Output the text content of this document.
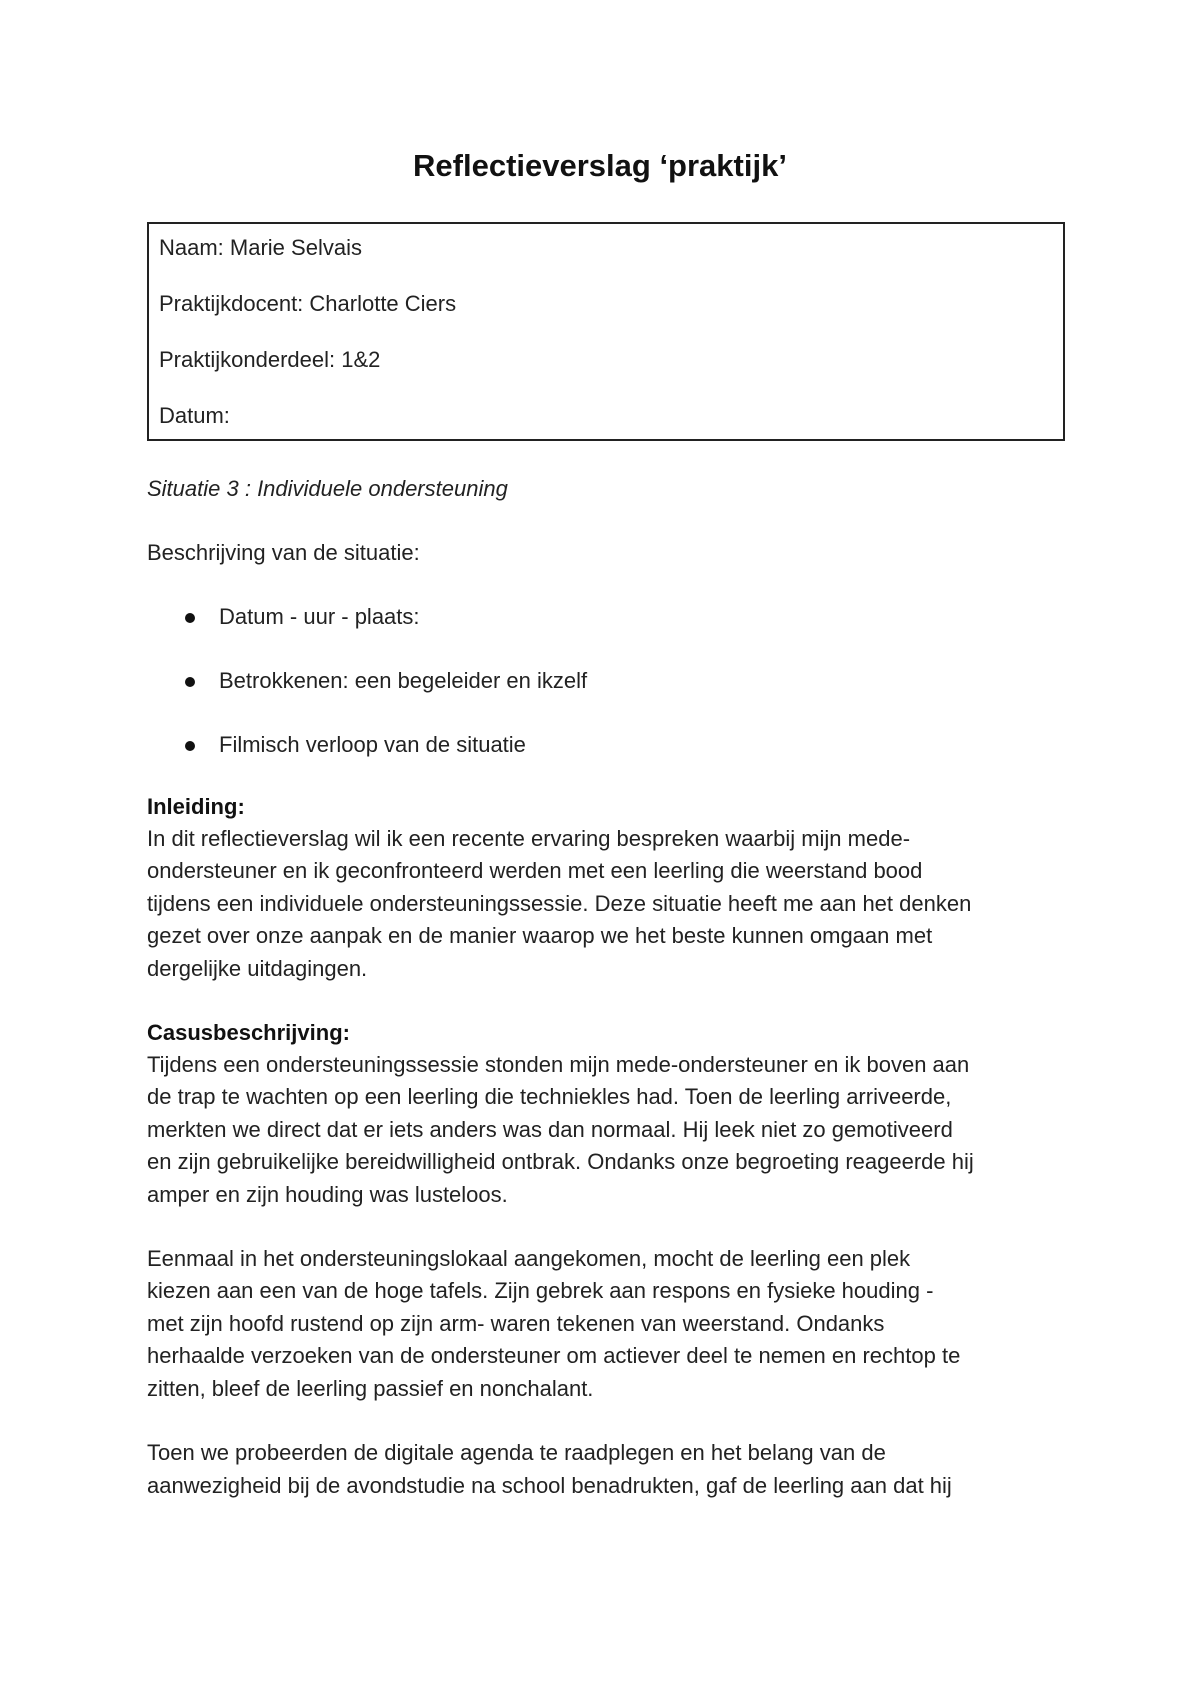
Reflectieverslag ‘praktijk’
Naam: Marie Selvais
Praktijkdocent: Charlotte Ciers
Praktijkonderdeel: 1&2
Datum:

Situatie 3 : Individuele ondersteuning

Beschrijving van de situatie:

Datum - uur - plaats:
Betrokkenen: een begeleider en ikzelf
Filmisch verloop van de situatie

Inleiding:

In dit reflectieverslag wil ik een recente ervaring bespreken waarbij mijn mede-
ondersteuner en ik geconfronteerd werden met een leerling die weerstand bood
tijdens een individuele ondersteuningssessie. Deze situatie heeft me aan het denken
gezet over onze aanpak en de manier waarop we het beste kunnen omgaan met
dergelijke uitdagingen.

Casusbeschrijving:

Tijdens een ondersteuningssessie stonden mijn mede-ondersteuner en ik boven aan
de trap te wachten op een leerling die techniekles had. Toen de leerling arriveerde,
merkten we direct dat er iets anders was dan normaal. Hij leek niet zo gemotiveerd
en zijn gebruikelijke bereidwilligheid ontbrak. Ondanks onze begroeting reageerde hij
amper en zijn houding was lusteloos.

Eenmaal in het ondersteuningslokaal aangekomen, mocht de leerling een plek
kiezen aan een van de hoge tafels. Zijn gebrek aan respons en fysieke houding -
met zijn hoofd rustend op zijn arm- waren tekenen van weerstand. Ondanks
herhaalde verzoeken van de ondersteuner om actiever deel te nemen en rechtop te
zitten, bleef de leerling passief en nonchalant.

Toen we probeerden de digitale agenda te raadplegen en het belang van de
aanwezigheid bij de avondstudie na school benadrukten, gaf de leerling aan dat hij
